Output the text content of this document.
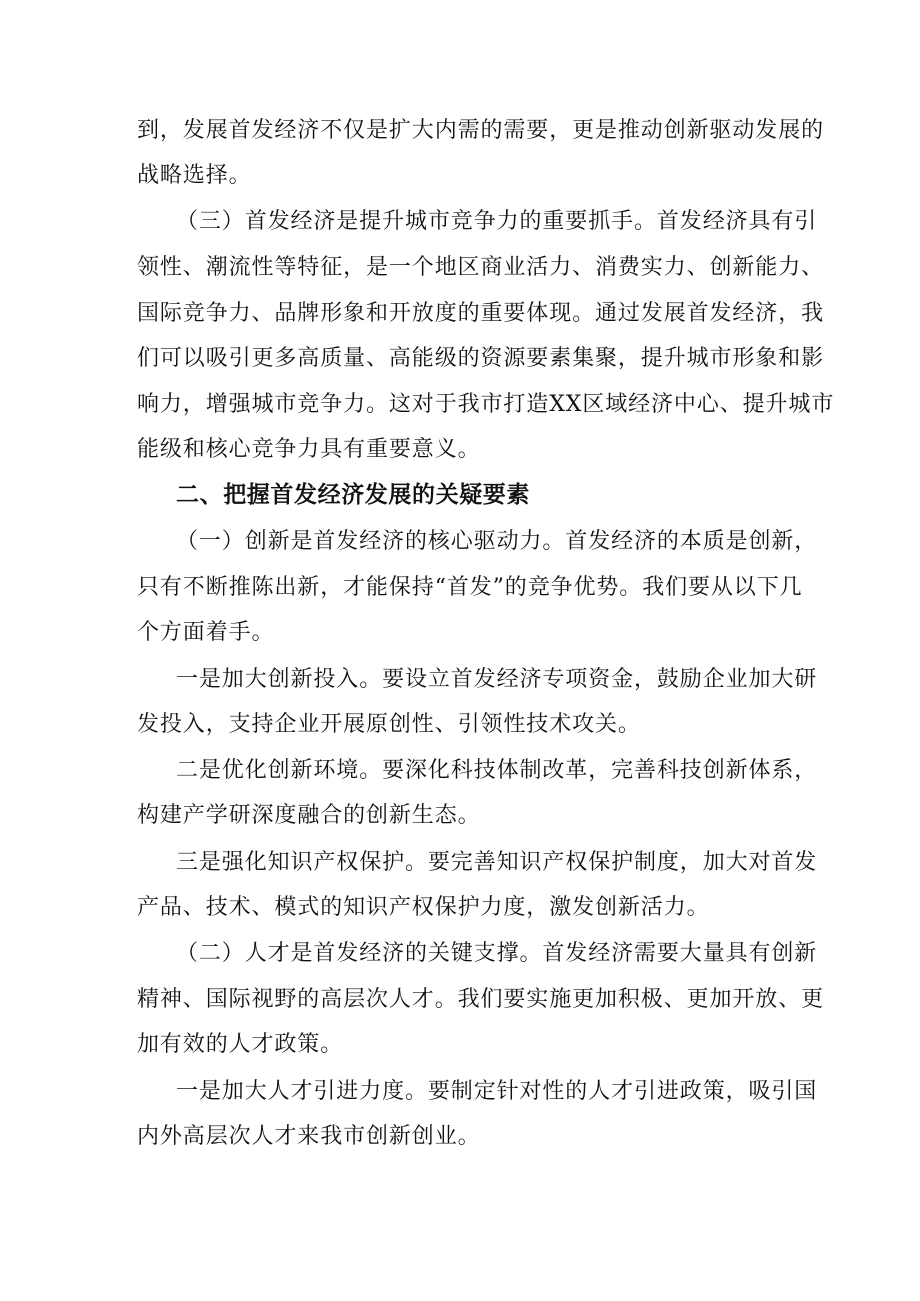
到，发展首发经济不仅是扩大内需的需要，更是推动创新驱动发展的
战略选择。
（三）首发经济是提升城市竞争力的重要抓手。首发经济具有引
领性、潮流性等特征，是一个地区商业活力、消费实力、创新能力、
国际竞争力、品牌形象和开放度的重要体现。通过发展首发经济，我
们可以吸引更多高质量、高能级的资源要素集聚，提升城市形象和影
响力，增强城市竞争力。这对于我市打造XX区域经济中心、提升城市
能级和核心竞争力具有重要意义。
二、把握首发经济发展的关疑要素
（一）创新是首发经济的核心驱动力。首发经济的本质是创新，
只有不断推陈出新，才能保持“首发”的竞争优势。我们要从以下几
个方面着手。
一是加大创新投入。要设立首发经济专项资金，鼓励企业加大研
发投入，支持企业开展原创性、引领性技术攻关。
二是优化创新环境。要深化科技体制改革，完善科技创新体系，
构建产学研深度融合的创新生态。
三是强化知识产权保护。要完善知识产权保护制度，加大对首发
产品、技术、模式的知识产权保护力度，激发创新活力。
（二）人才是首发经济的关键支撑。首发经济需要大量具有创新
精神、国际视野的高层次人才。我们要实施更加积极、更加开放、更
加有效的人才政策。
一是加大人才引进力度。要制定针对性的人才引进政策，吸引国
内外高层次人才来我市创新创业。
